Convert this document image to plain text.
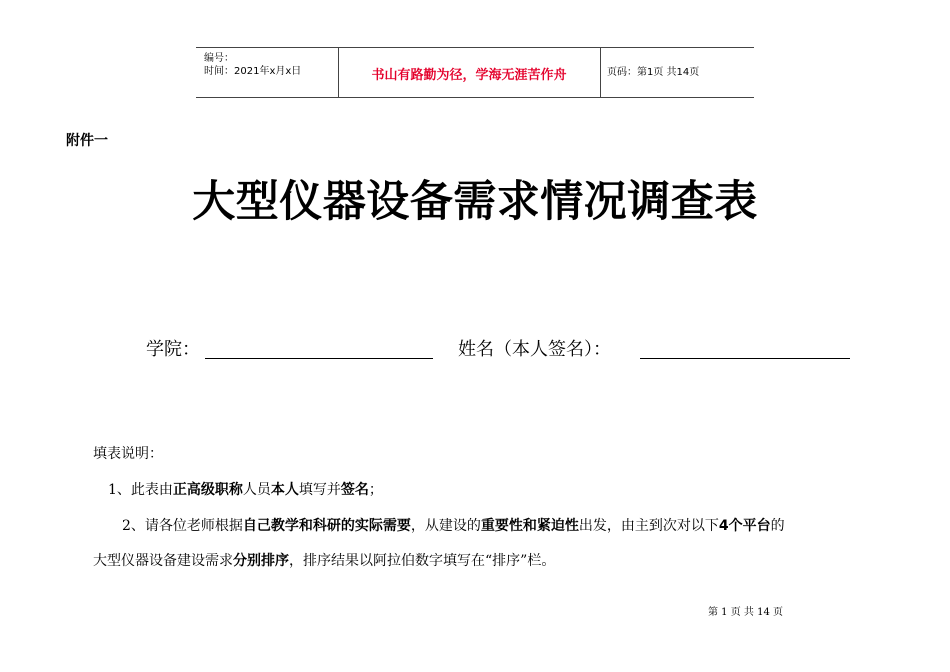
编号：
时间：2021年x月x日	书山有路勤为径，学海无涯苦作舟	页码：第1页 共14页
附件一
大型仪器设备需求情况调查表
学院：	姓名（本人签名）：
填表说明：
1、此表由正高级职称人员本人填写并签名；
2、请各位老师根据自己教学和科研的实际需要，从建设的重要性和紧迫性出发，由主到次对以下4个平台的
大型仪器设备建设需求分别排序，排序结果以阿拉伯数字填写在“排序”栏。
第 1 页 共 14 页
